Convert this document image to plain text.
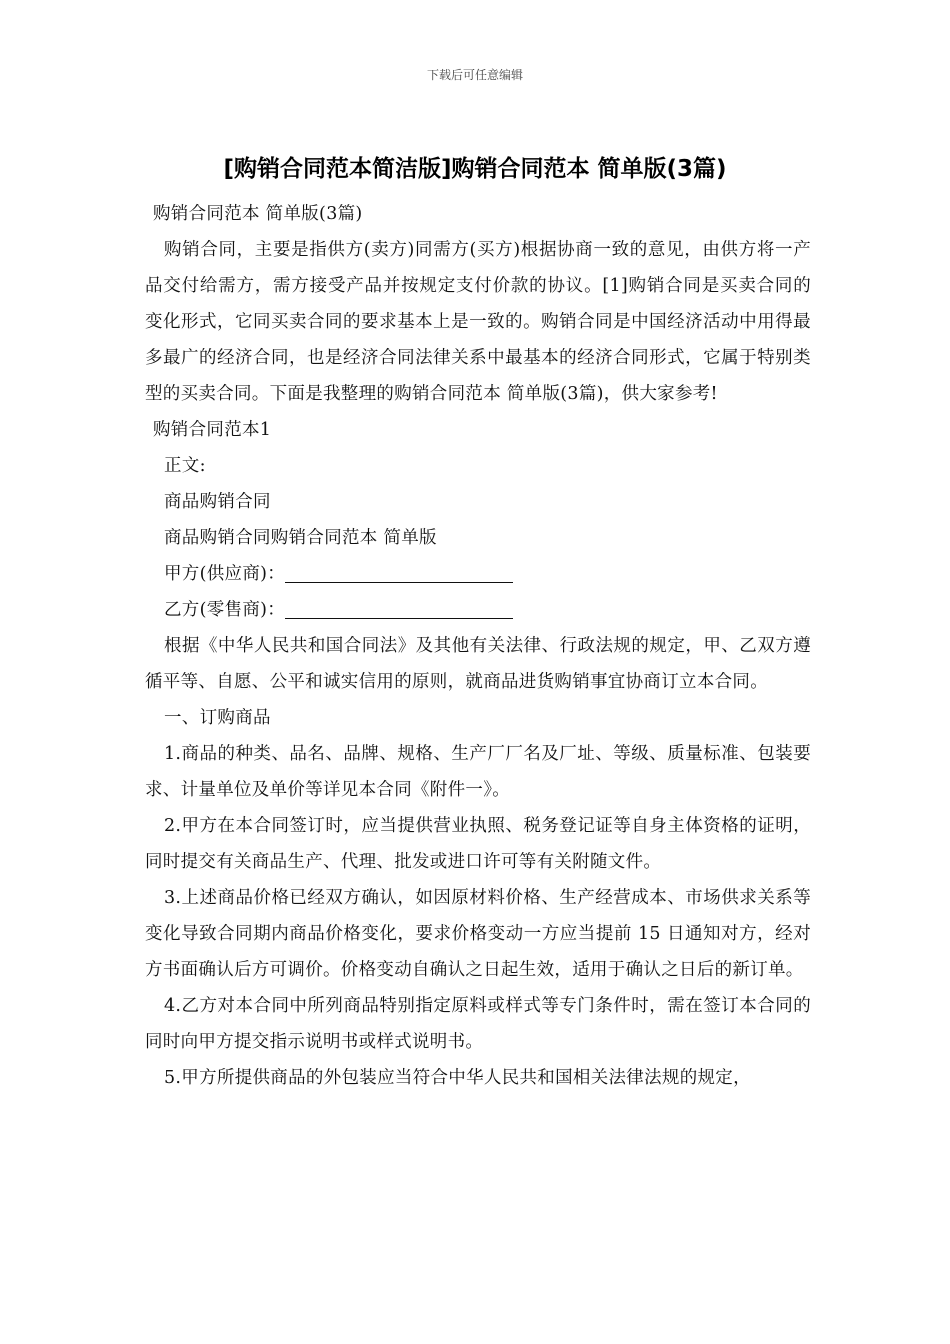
下载后可任意编辑
[购销合同范本简洁版]购销合同范本 简单版(3篇)

购销合同范本 简单版(3篇)

购销合同，主要是指供方(卖方)同需方(买方)根据协商一致的意见，由供方将一产品交付给需方，需方接受产品并按规定支付价款的协议。[1]购销合同是买卖合同的变化形式，它同买卖合同的要求基本上是一致的。购销合同是中国经济活动中用得最多最广的经济合同，也是经济合同法律关系中最基本的经济合同形式，它属于特别类型的买卖合同。下面是我整理的购销合同范本 简单版(3篇)，供大家参考!

购销合同范本1

正文:

商品购销合同

商品购销合同购销合同范本 简单版

甲方(供应商)：

乙方(零售商)：

根据《中华人民共和国合同法》及其他有关法律、行政法规的规定，甲、乙双方遵循平等、自愿、公平和诚实信用的原则，就商品进货购销事宜协商订立本合同。

一、订购商品

1.商品的种类、品名、品牌、规格、生产厂厂名及厂址、等级、质量标准、包装要求、计量单位及单价等详见本合同《附件一》。

2.甲方在本合同签订时，应当提供营业执照、税务登记证等自身主体资格的证明，同时提交有关商品生产、代理、批发或进口许可等有关附随文件。

3.上述商品价格已经双方确认，如因原材料价格、生产经营成本、市场供求关系等变化导致合同期内商品价格变化，要求价格变动一方应当提前 15 日通知对方，经对方书面确认后方可调价。价格变动自确认之日起生效，适用于确认之日后的新订单。

4.乙方对本合同中所列商品特别指定原料或样式等专门条件时，需在签订本合同的同时向甲方提交指示说明书或样式说明书。

5.甲方所提供商品的外包装应当符合中华人民共和国相关法律法规的规定，
